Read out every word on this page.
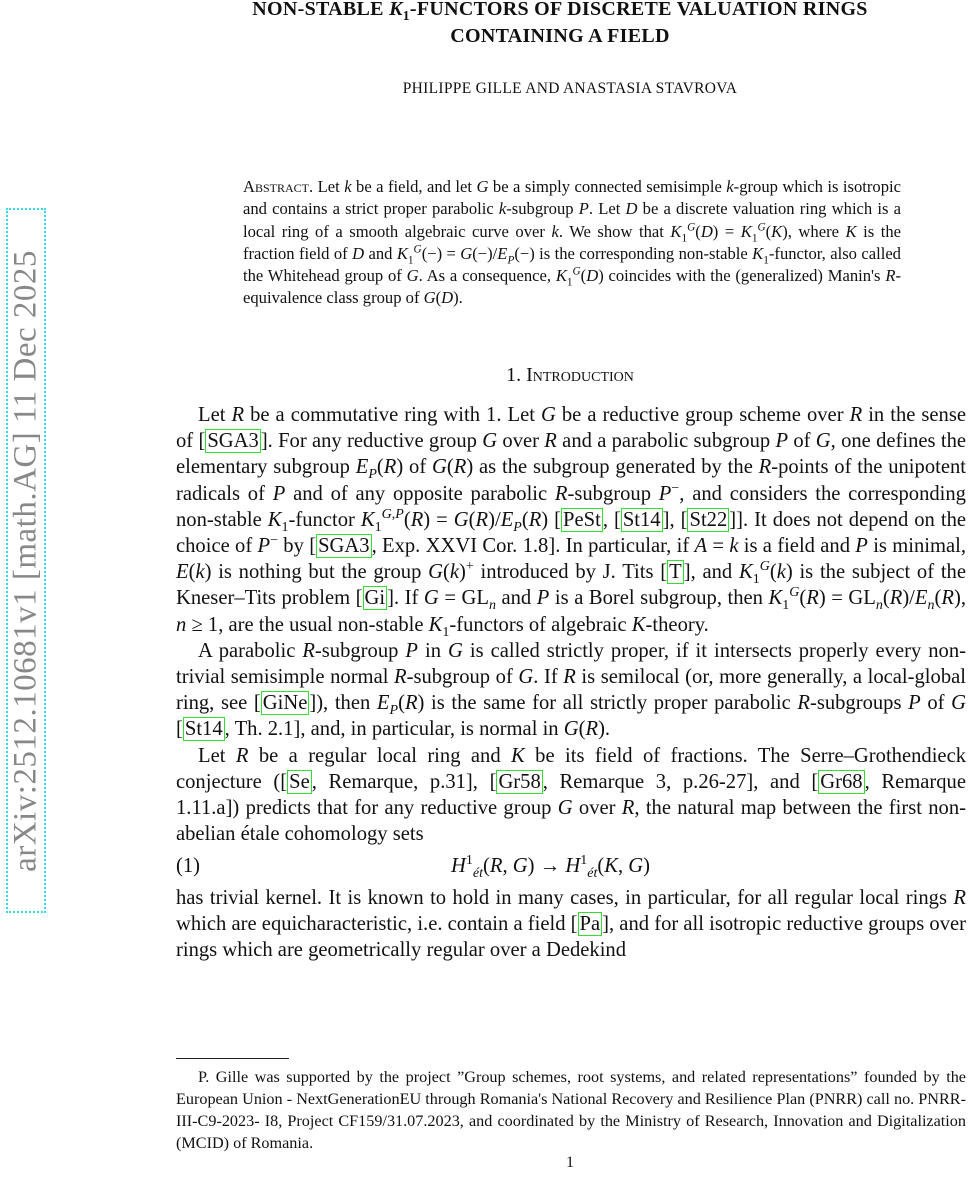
arXiv:2512.10681v1 [math.AG] 11 Dec 2025
NON-STABLE $K_1$-FUNCTORS OF DISCRETE VALUATION RINGS
CONTAINING A FIELD
PHILIPPE GILLE AND ANASTASIA STAVROVA
Abstract. Let k be a field, and let G be a simply connected semisimple k-group which is isotropic and contains a strict proper parabolic k-subgroup P. Let D be a discrete valuation ring which is a local ring of a smooth algebraic curve over k. We show that $K_1^G(D) = K_1^G(K)$, where K is the fraction field of D and $K_1^G(-) = G(-)/E_P(-)$ is the corresponding non-stable $K_1$-functor, also called the Whitehead group of G. As a consequence, $K_1^G(D)$ coincides with the (generalized) Manin's R-equivalence class group of G(D).
1. Introduction

Let R be a commutative ring with 1. Let G be a reductive group scheme over R in the sense of [SGA3]. For any reductive group G over R and a parabolic subgroup P of G, one defines the elementary subgroup $E_P(R)$ of G(R) as the subgroup generated by the R-points of the unipotent radicals of P and of any opposite parabolic R-subgroup P−, and considers the corresponding non-stable $K_1$-functor $K_1^{G,P}(R) = G(R)/E_P(R)$ [PeSt, [St14], [St22]]. It does not depend on the choice of P− by [SGA3, Exp. XXVI Cor. 1.8]. In particular, if A = k is a field and P is minimal, E(k) is nothing but the group G(k)+ introduced by J. Tits [T], and $K_1^G(k)$ is the subject of the Kneser–Tits problem [Gi]. If $G = GL_n$ and P is a Borel subgroup, then $K_1^G(R) = GL_n(R)/E_n(R)$, n ≥ 1, are the usual non-stable $K_1$-functors of algebraic K-theory.

A parabolic R-subgroup P in G is called strictly proper, if it intersects properly every non-trivial semisimple normal R-subgroup of G. If R is semilocal (or, more generally, a local-global ring, see [GiNe]), then $E_P(R)$ is the same for all strictly proper parabolic R-subgroups P of G [St14, Th. 2.1], and, in particular, is normal in G(R).

Let R be a regular local ring and K be its field of fractions. The Serre–Grothendieck conjecture ([Se, Remarque, p.31], [Gr58, Remarque 3, p.26-27], and [Gr68, Remarque 1.11.a]) predicts that for any reductive group G over R, the natural map between the first non-abelian étale cohomology sets

(1)	$H^1_{ét}(R$, $G) \to H^1_{ét}(K$, G)

has trivial kernel. It is known to hold in many cases, in particular, for all regular local rings R which are equicharacteristic, i.e. contain a field [Pa], and for all isotropic reductive groups over rings which are geometrically regular over a Dedekind

P. Gille was supported by the project ”Group schemes, root systems, and related representations” founded by the European Union - NextGenerationEU through Romania's National Recovery and Resilience Plan (PNRR) call no. PNRR-III-C9-2023- I8, Project CF159/31.07.2023, and coordinated by the Ministry of Research, Innovation and Digitalization (MCID) of Romania.
1
